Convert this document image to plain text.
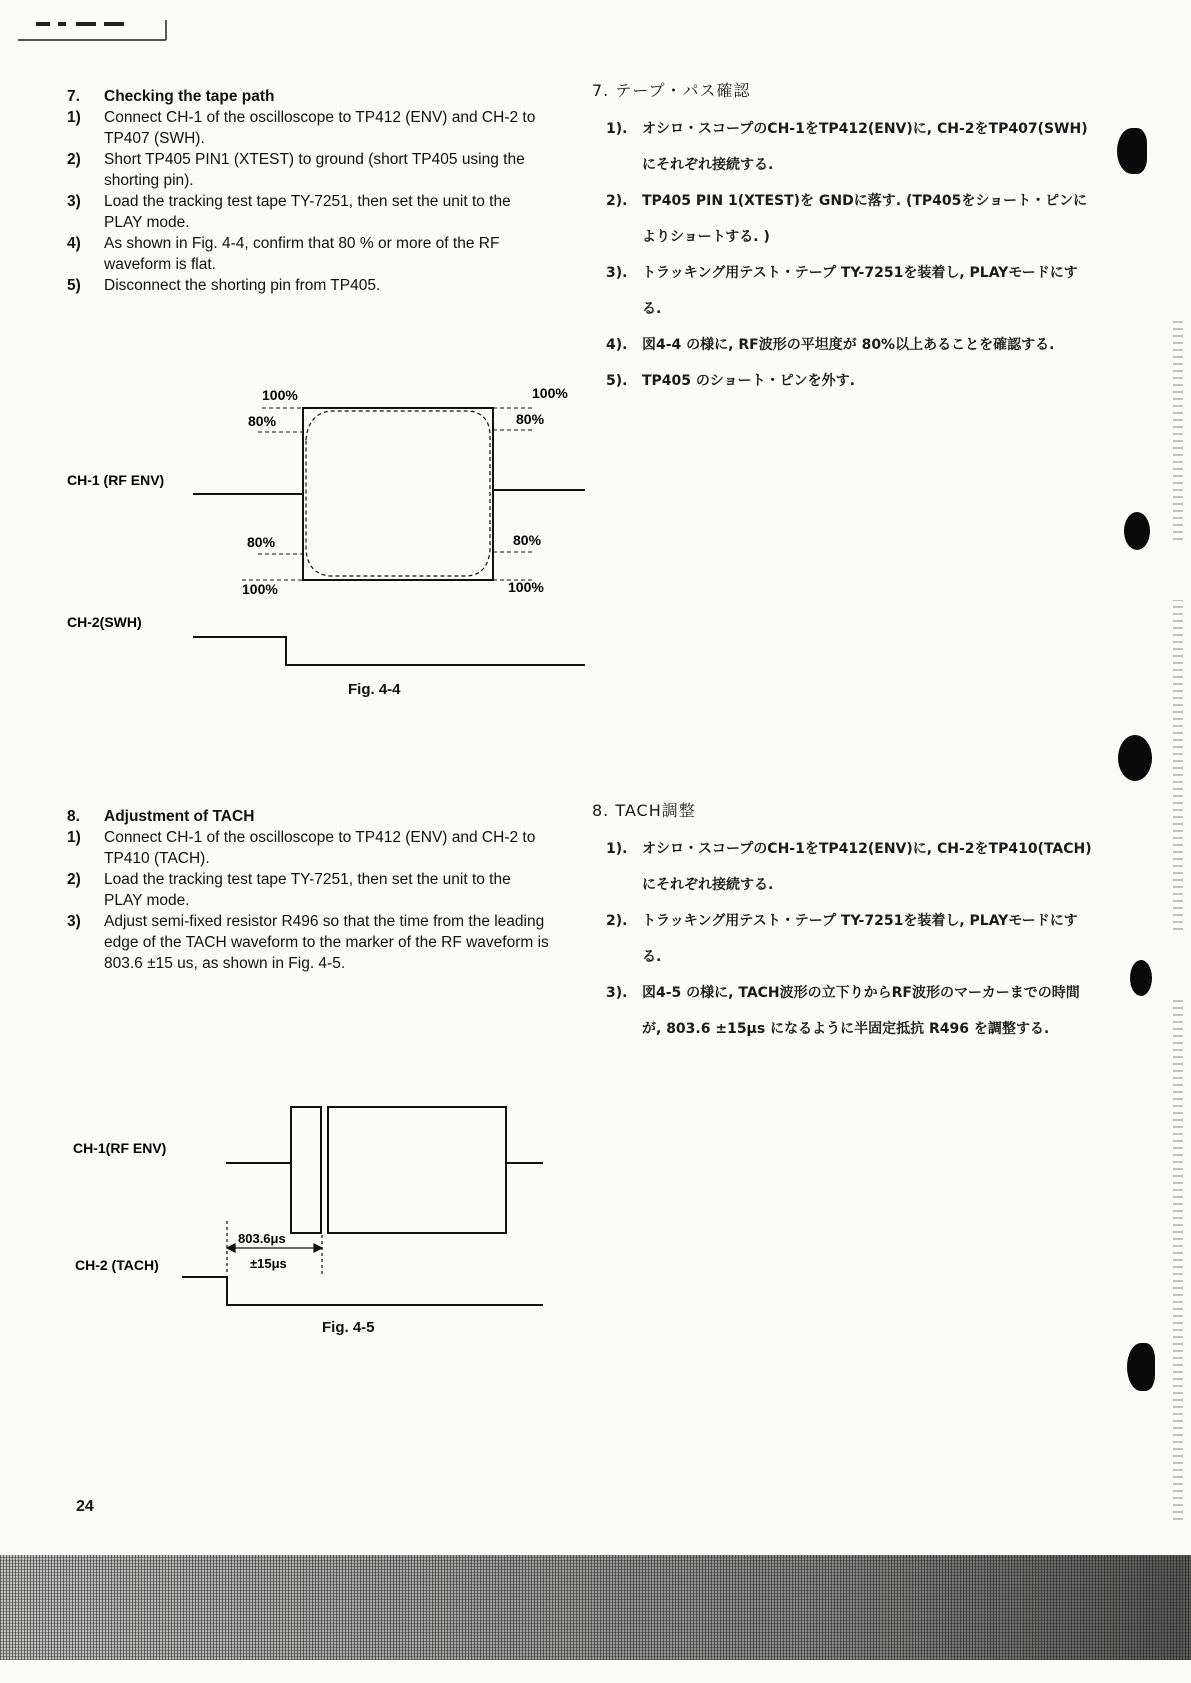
7. Checking the tape path
1) Connect CH-1 of the oscilloscope to TP412 (ENV) and CH-2 to TP407 (SWH).
2) Short TP405 PIN1 (XTEST) to ground (short TP405 using the shorting pin).
3) Load the tracking test tape TY-7251, then set the unit to the PLAY mode.
4) As shown in Fig. 4-4, confirm that 80 % or more of the RF waveform is flat.
5) Disconnect the shorting pin from TP405.
7. テープ・パス確認
1). オシロ・スコープのCH-1をTP412(ENV)に, CH-2をTP407(SWH)にそれぞれ接続する.
2). TP405 PIN 1(XTEST)を GNDに落す. (TP405をショート・ピンによりショートする. )
3). トラッキング用テスト・テープ TY-7251を装着し, PLAYモードにする.
4). 図4-4 の様に, RF波形の平坦度が 80%以上あることを確認する.
5). TP405 のショート・ピンを外す.
100%	100%
80%	80%
CH-1 (RF ENV)
80%	80%
100%	100%
CH-2(SWH)
Fig. 4-4
8. Adjustment of TACH
1) Connect CH-1 of the oscilloscope to TP412 (ENV) and CH-2 to TP410 (TACH).
2) Load the tracking test tape TY-7251, then set the unit to the PLAY mode.
3) Adjust semi-fixed resistor R496 so that the time from the leading edge of the TACH waveform to the marker of the RF waveform is 803.6 ±15 us, as shown in Fig. 4-5.
8. TACH調整
1). オシロ・スコープのCH-1をTP412(ENV)に, CH-2をTP410(TACH) にそれぞれ接続する.
2). トラッキング用テスト・テープ TY-7251を装着し, PLAYモードにする.
3). 図4-5 の様に, TACH波形の立下りからRF波形のマーカーまでの時間が, 803.6 ±15μs になるように半固定抵抗 R496 を調整する.
CH-1(RF ENV)
803.6μs
±15μs
CH-2 (TACH)
Fig. 4-5
24
